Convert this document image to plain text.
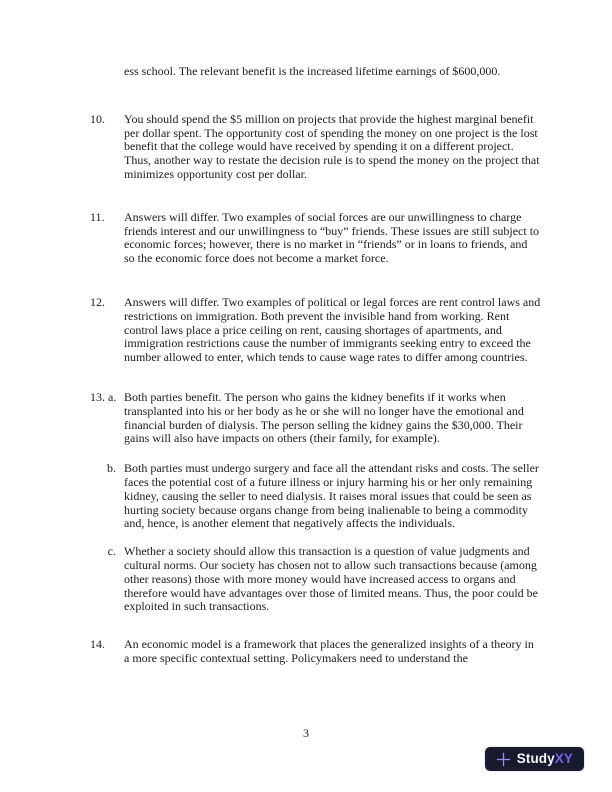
ess school. The relevant benefit is the increased lifetime earnings of $600,000.
10.	You should spend the $5 million on projects that provide the highest marginal benefit per dollar spent. The opportunity cost of spending the money on one project is the lost benefit that the college would have received by spending it on a different project. Thus, another way to restate the decision rule is to spend the money on the project that minimizes opportunity cost per dollar.
11.	Answers will differ. Two examples of social forces are our unwillingness to charge friends interest and our unwillingness to “buy” friends. These issues are still subject to economic forces; however, there is no market in “friends” or in loans to friends, and so the economic force does not become a market force.
12.	Answers will differ. Two examples of political or legal forces are rent control laws and restrictions on immigration. Both prevent the invisible hand from working. Rent control laws place a price ceiling on rent, causing shortages of apartments, and immigration restrictions cause the number of immigrants seeking entry to exceed the number allowed to enter, which tends to cause wage rates to differ among countries.
13. a. Both parties benefit. The person who gains the kidney benefits if it works when transplanted into his or her body as he or she will no longer have the emotional and financial burden of dialysis. The person selling the kidney gains the $30,000. Their gains will also have impacts on others (their family, for example).
b. Both parties must undergo surgery and face all the attendant risks and costs. The seller faces the potential cost of a future illness or injury harming his or her only remaining kidney, causing the seller to need dialysis. It raises moral issues that could be seen as hurting society because organs change from being inalienable to being a commodity and, hence, is another element that negatively affects the individuals.
c. Whether a society should allow this transaction is a question of value judgments and cultural norms. Our society has chosen not to allow such transactions because (among other reasons) those with more money would have increased access to organs and therefore would have advantages over those of limited means. Thus, the poor could be exploited in such transactions.
14.	An economic model is a framework that places the generalized insights of a theory in a more specific contextual setting. Policymakers need to understand the
3
Study XY
